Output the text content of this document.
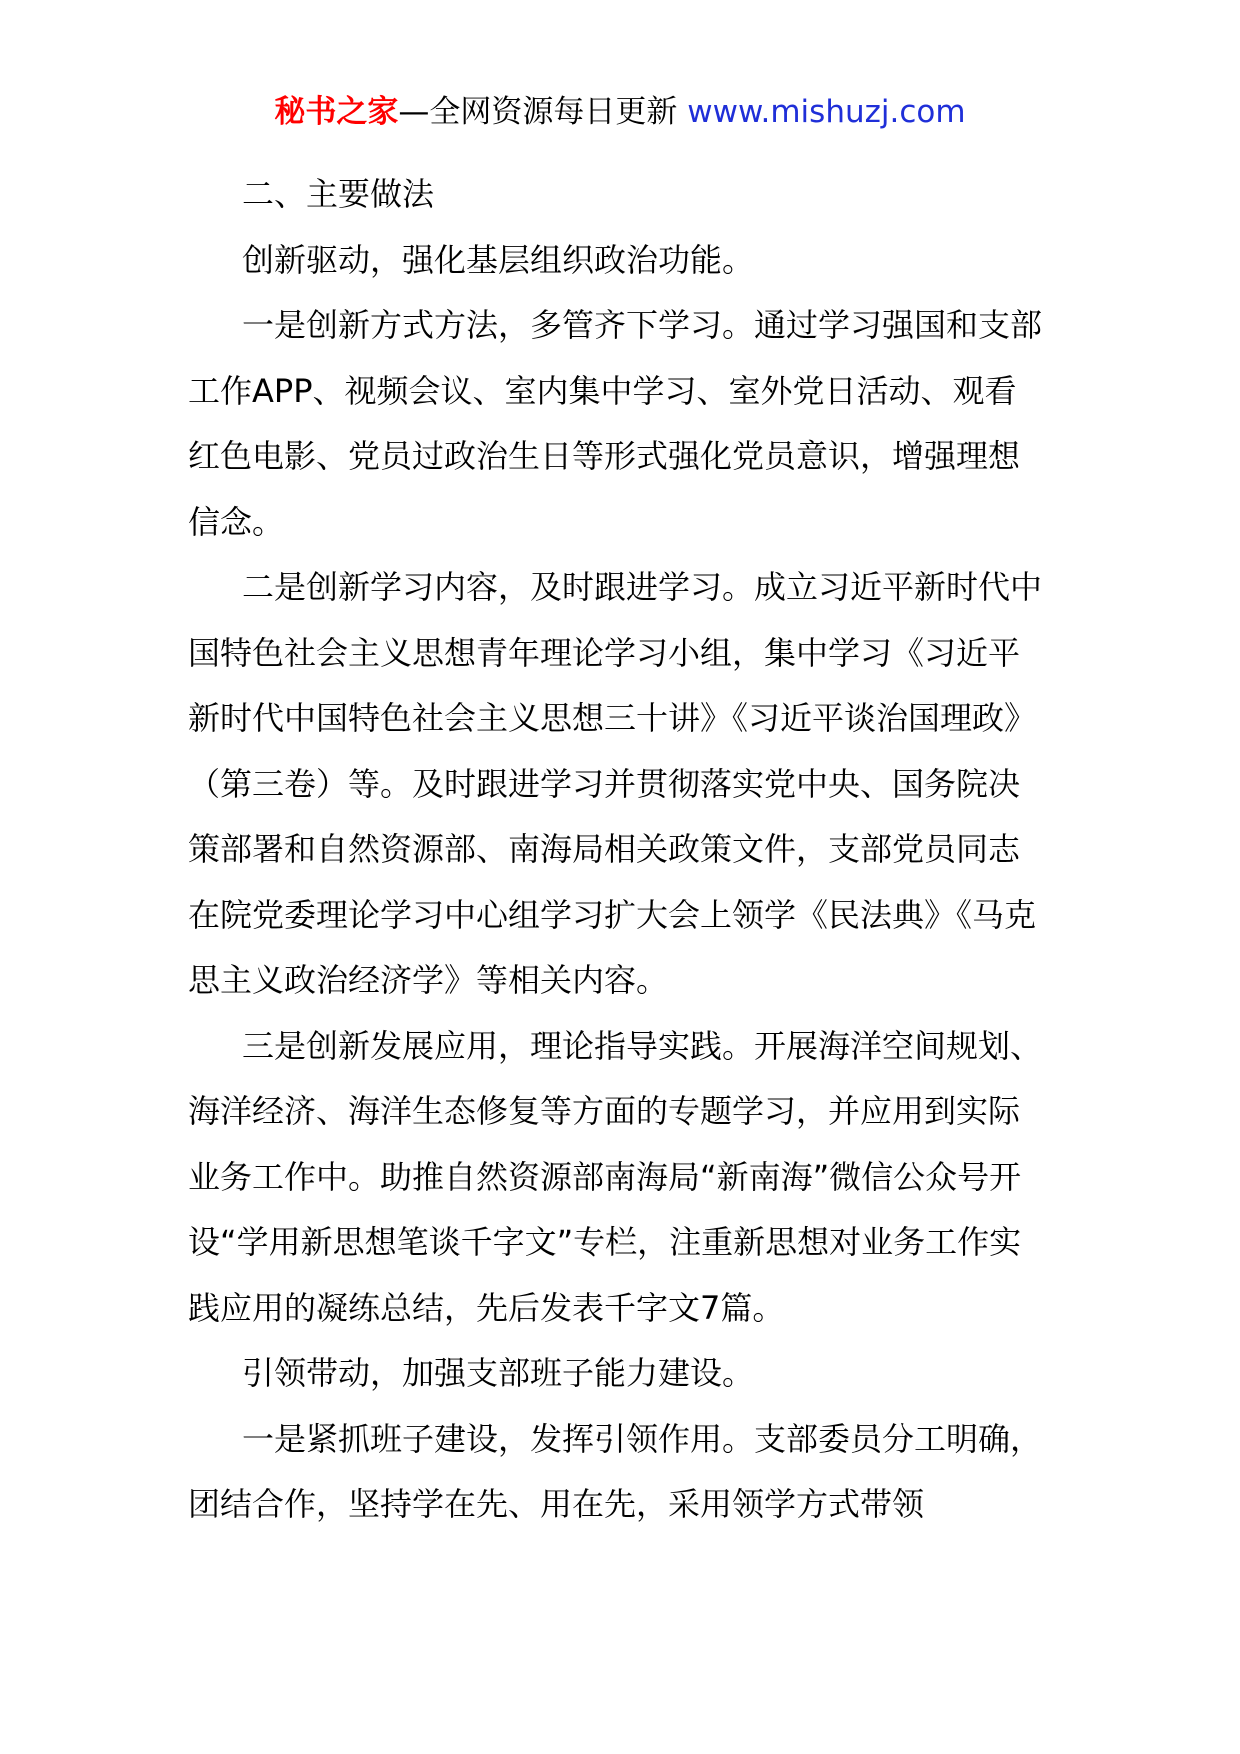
秘书之家—全网资源每日更新 www.mishuzj.com

二、主要做法

创新驱动，强化基层组织政治功能。

一是创新方式方法，多管齐下学习。通过学习强国和支部工作APP、视频会议、室内集中学习、室外党日活动、观看红色电影、党员过政治生日等形式强化党员意识，增强理想信念。

二是创新学习内容，及时跟进学习。成立习近平新时代中国特色社会主义思想青年理论学习小组，集中学习《习近平新时代中国特色社会主义思想三十讲》《习近平谈治国理政》（第三卷）等。及时跟进学习并贯彻落实党中央、国务院决策部署和自然资源部、南海局相关政策文件，支部党员同志在院党委理论学习中心组学习扩大会上领学《民法典》《马克思主义政治经济学》等相关内容。

三是创新发展应用，理论指导实践。开展海洋空间规划、海洋经济、海洋生态修复等方面的专题学习，并应用到实际业务工作中。助推自然资源部南海局“新南海”微信公众号开设“学用新思想笔谈千字文”专栏，注重新思想对业务工作实践应用的凝练总结，先后发表千字文7篇。

引领带动，加强支部班子能力建设。

一是紧抓班子建设，发挥引领作用。支部委员分工明确，团结合作，坚持学在先、用在先，采用领学方式带领
